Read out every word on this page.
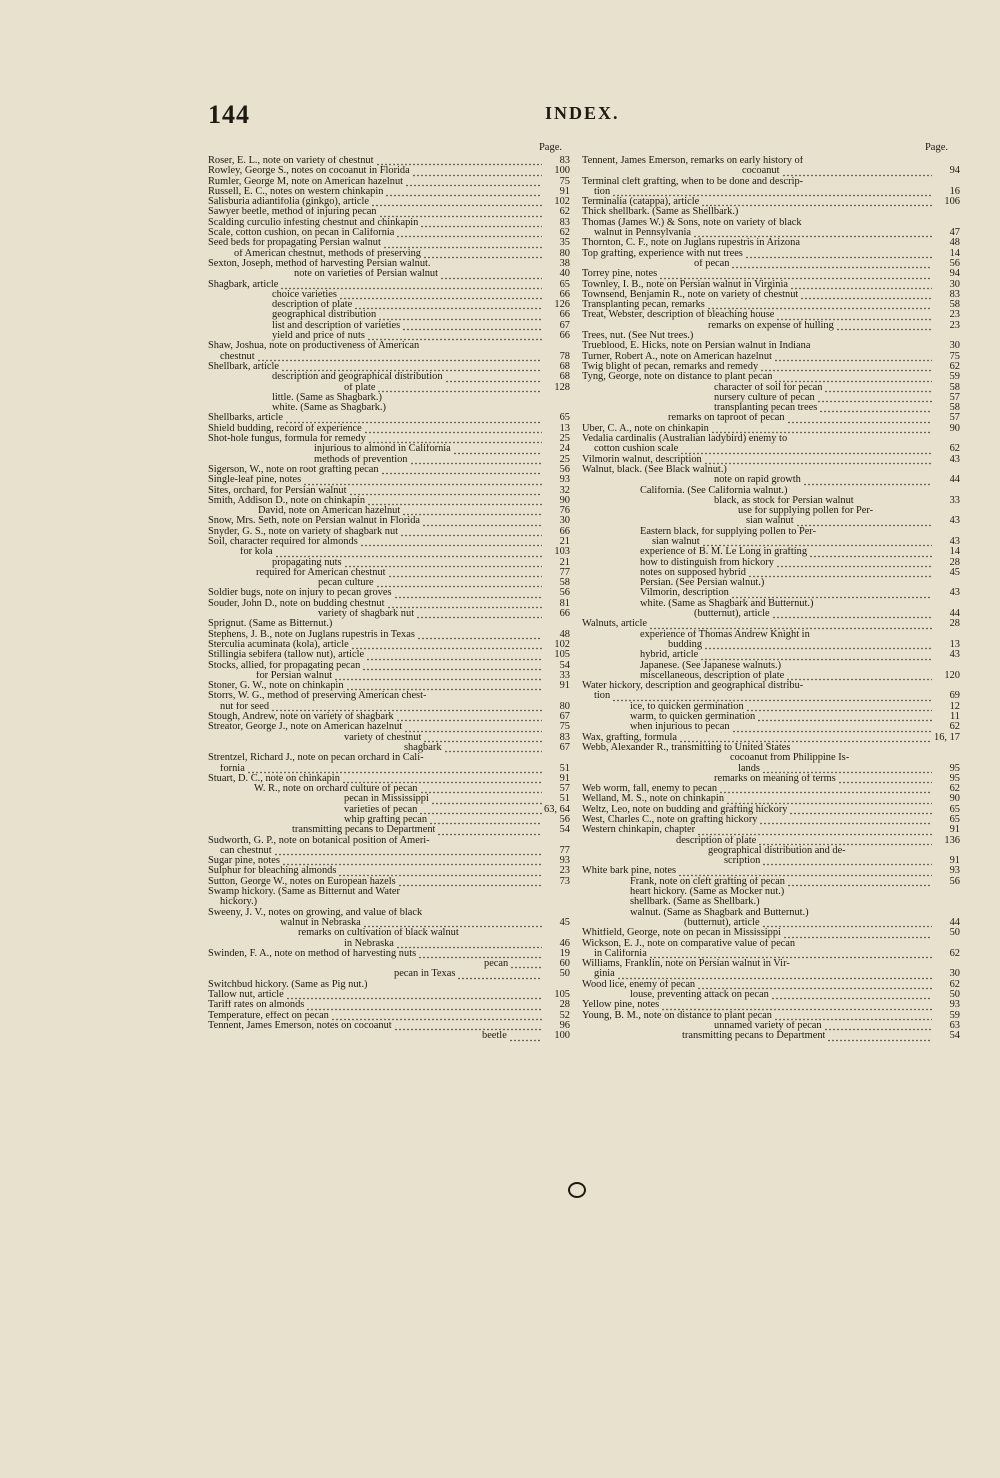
144	INDEX.
Page.
Roser, E. L., note on variety of chestnut	83
Rowley, George S., notes on cocoanut in Florida	100
Rumler, George M, note on American hazelnut	75
Russell, E. C., notes on western chinkapin	91
Salisburia adiantifolia (ginkgo), article	102
Sawyer beetle, method of injuring pecan	62
Scalding curculio infesting chestnut and chinkapin	83
Scale, cotton cushion, on pecan in California	62
Seed beds for propagating Persian walnut	35
of American chestnut, methods of preserving	80
Sexton, Joseph, method of harvesting Persian walnut.	38
note on varieties of Persian walnut	40
Shagbark, article	65
choice varieties	66
description of plate	126
geographical distribution	66
list and description of varieties	67
yield and price of nuts	66
Shaw, Joshua, note on productiveness of American
chestnut	78
Shellbark, article	68
description and geographical distribution	68
of plate	128
little. (Same as Shagbark.)
white. (Same as Shagbark.)
Shellbarks, article	65
Shield budding, record of experience	13
Shot-hole fungus, formula for remedy	25
injurious to almond in California	24
methods of prevention	25
Sigerson, W., note on root grafting pecan	56
Single-leaf pine, notes	93
Sites, orchard, for Persian walnut	32
Smith, Addison D., note on chinkapin	90
David, note on American hazelnut	76
Snow, Mrs. Seth, note on Persian walnut in Florida	30
Snyder, G. S., note on variety of shagbark nut	66
Soil, character required for almonds	21
for kola	103
propagating nuts	21
required for American chestnut	77
pecan culture	58
Soldier bugs, note on injury to pecan groves	56
Souder, John D., note on budding chestnut	81
variety of shagbark nut	66
Sprignut. (Same as Bitternut.)
Stephens, J. B., note on Juglans rupestris in Texas	48
Sterculia acuminata (kola), article	102
Stillingia sebifera (tallow nut), article	105
Stocks, allied, for propagating pecan	54
for Persian walnut	33
Stoner, G. W., note on chinkapin	91
Storrs, W. G., method of preserving American chest-
nut for seed	80
Stough, Andrew, note on variety of shagbark	67
Streator, George J., note on American hazelnut	75
variety of chestnut	83
shagbark	67
Strentzel, Richard J., note on pecan orchard in Cali-
fornia	51
Stuart, D. C., note on chinkapin	91
W. R., note on orchard culture of pecan	57
pecan in Mississippi	51
varieties of pecan	63, 64
whip grafting pecan	56
transmitting pecans to Department	54
Sudworth, G. P., note on botanical position of Ameri-
can chestnut	77
Sugar pine, notes	93
Sulphur for bleaching almonds	23
Sutton, George W., notes on European hazels	73
Swamp hickory. (Same as Bitternut and Water
hickory.)
Sweeny, J. V., notes on growing, and value of black
walnut in Nebraska	45
remarks on cultivation of black walnut
in Nebraska	46
Swinden, F. A., note on method of harvesting nuts	19
pecan	60
pecan in Texas	50
Switchbud hickory. (Same as Pig nut.)
Tallow nut, article	105
Tariff rates on almonds	28
Temperature, effect on pecan	52
Tennent, James Emerson, notes on cocoanut	96
beetle	100
Page.
Tennent, James Emerson, remarks on early history of
cocoanut	94
Terminal cleft grafting, when to be done and descrip-
tion	16
Terminalia (catappa), article	106
Thick shellbark. (Same as Shellbark.)
Thomas (James W.) & Sons, note on variety of black
walnut in Pennsylvania	47
Thornton, C. F., note on Juglans rupestris in Arizona	48
Top grafting, experience with nut trees	14
of pecan	56
Torrey pine, notes	94
Townley, I. B., note on Persian walnut in Virginia	30
Townsend, Benjamin R., note on variety of chestnut	83
Transplanting pecan, remarks	58
Treat, Webster, description of bleaching house	23
remarks on expense of hulling	23
Trees, nut. (See Nut trees.)
Trueblood, E. Hicks, note on Persian walnut in Indiana	30
Turner, Robert A., note on American hazelnut	75
Twig blight of pecan, remarks and remedy	62
Tyng, George, note on distance to plant pecan	59
character of soil for pecan	58
nursery culture of pecan	57
transplanting pecan trees	58
remarks on taproot of pecan	57
Uber, C. A., note on chinkapin	90
Vedalia cardinalis (Australian ladybird) enemy to
cotton cushion scale	62
Vilmorin walnut, description	43
Walnut, black. (See Black walnut.)
note on rapid growth	44
California. (See California walnut.)
black, as stock for Persian walnut	33
use for supplying pollen for Per-
sian walnut	43
Eastern black, for supplying pollen to Per-
sian walnut	43
experience of B. M. Le Long in grafting	14
how to distinguish from hickory	28
notes on supposed hybrid	45
Persian. (See Persian walnut.)
Vilmorin, description	43
white. (Same as Shagbark and Butternut.)
(butternut), article	44
Walnuts, article	28
experience of Thomas Andrew Knight in
budding	13
hybrid, article	43
Japanese. (See Japanese walnuts.)
miscellaneous, description of plate	120
Water hickory, description and geographical distribu-
tion	69
ice, to quicken germination	12
warm, to quicken germination	11
when injurious to pecan	62
Wax, grafting, formula	16, 17
Webb, Alexander R., transmitting to United States
cocoanut from Philippine Is-
lands	95
remarks on meaning of terms	95
Web worm, fall, enemy to pecan	62
Welland, M. S., note on chinkapin	90
Weltz, Leo, note on budding and grafting hickory	65
West, Charles C., note on grafting hickory	65
Western chinkapin, chapter	91
description of plate	136
geographical distribution and de-
scription	91
White bark pine, notes	93
Frank, note on cleft grafting of pecan	56
heart hickory. (Same as Mocker nut.)
shellbark. (Same as Shellbark.)
walnut. (Same as Shagbark and Butternut.)
(butternut), article	44
Whitfield, George, note on pecan in Mississippi	50
Wickson, E. J., note on comparative value of pecan
in California	62
Williams, Franklin, note on Persian walnut in Vir-
ginia	30
Wood lice, enemy of pecan	62
louse, preventing attack on pecan	50
Yellow pine, notes	93
Young, B. M., note on distance to plant pecan	59
unnamed variety of pecan	63
transmitting pecans to Department	54
